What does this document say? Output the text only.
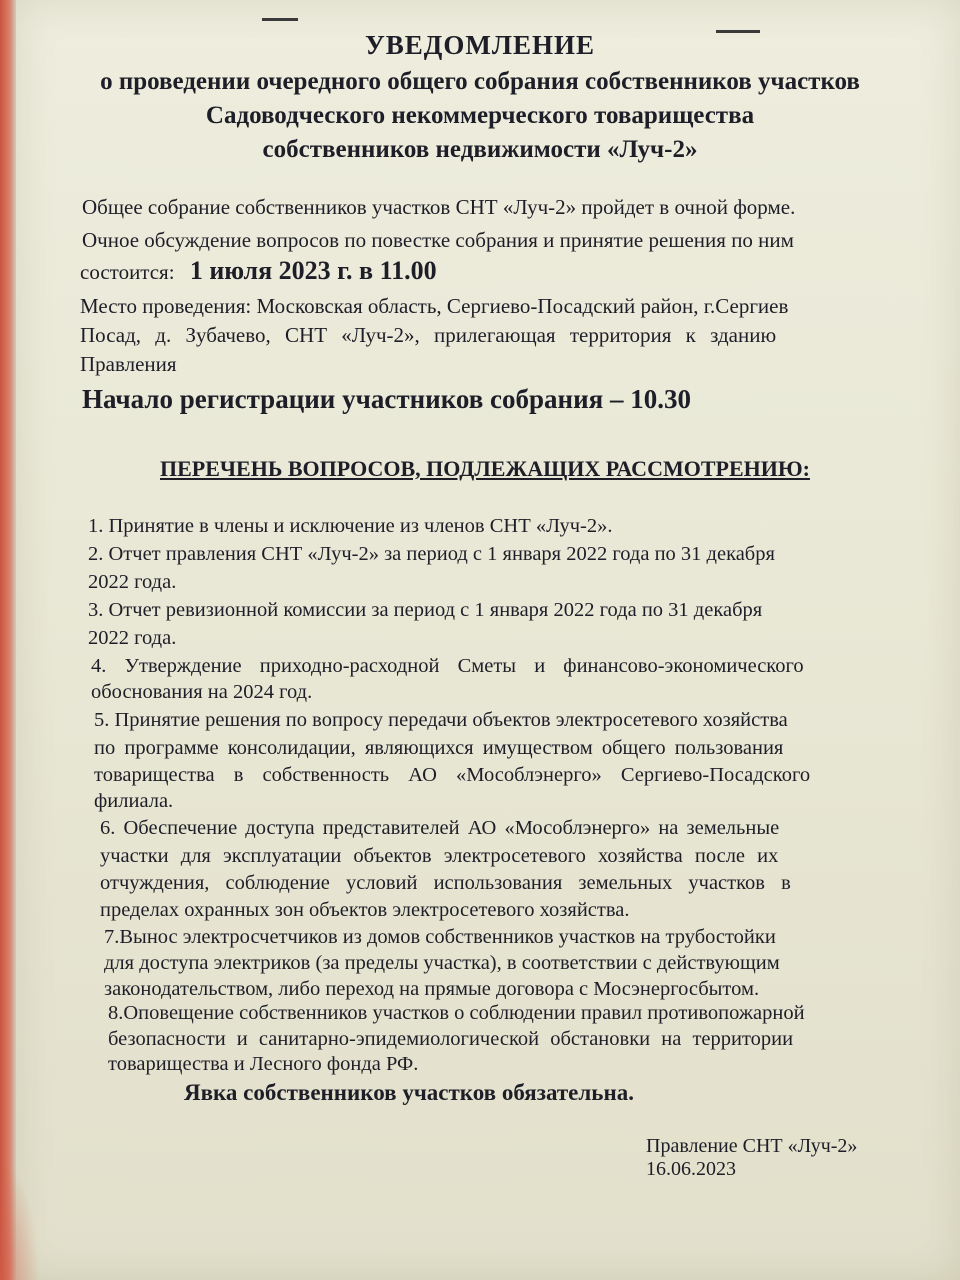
УВЕДОМЛЕНИЕ

о проведении очередного общего собрания собственников участков

Садоводческого некоммерческого товарищества

собственников недвижимости «Луч-2»

Общее собрание собственников участков СНТ «Луч-2» пройдет в очной форме.

Очное обсуждение вопросов по повестке собрания и принятие решения по ним

состоится: 1 июля 2023 г. в 11.00

Место проведения: Московская область, Сергиево-Посадский район, г.Сергиев

Посад, д. Зубачево, СНТ «Луч-2», прилегающая территория к зданию

Правления

Начало регистрации участников собрания – 10.30

ПЕРЕЧЕНЬ ВОПРОСОВ, ПОДЛЕЖАЩИХ РАССМОТРЕНИЮ:

1. Принятие в члены и исключение из членов СНТ «Луч-2».

2. Отчет правления СНТ «Луч-2» за период с 1 января 2022 года по 31 декабря

2022 года.

3. Отчет ревизионной комиссии за период с 1 января 2022 года по 31 декабря

2022 года.

4. Утверждение приходно-расходной Сметы и финансово-экономического

обоснования на 2024 год.

5. Принятие решения по вопросу передачи объектов электросетевого хозяйства

по программе консолидации, являющихся имуществом общего пользования

товарищества в собственность АО «Мособлэнерго» Сергиево-Посадского

филиала.

6. Обеспечение доступа представителей АО «Мособлэнерго» на земельные

участки для эксплуатации объектов электросетевого хозяйства после их

отчуждения, соблюдение условий использования земельных участков в

пределах охранных зон объектов электросетевого хозяйства.

7.Вынос электросчетчиков из домов собственников участков на трубостойки

для доступа электриков (за пределы участка), в соответствии с действующим

законодательством, либо переход на прямые договора с Мосэнергосбытом.

8.Оповещение собственников участков о соблюдении правил противопожарной

безопасности и санитарно-эпидемиологической обстановки на территории

товарищества и Лесного фонда РФ.

Явка собственников участков обязательна.

Правление СНТ «Луч-2»

16.06.2023
